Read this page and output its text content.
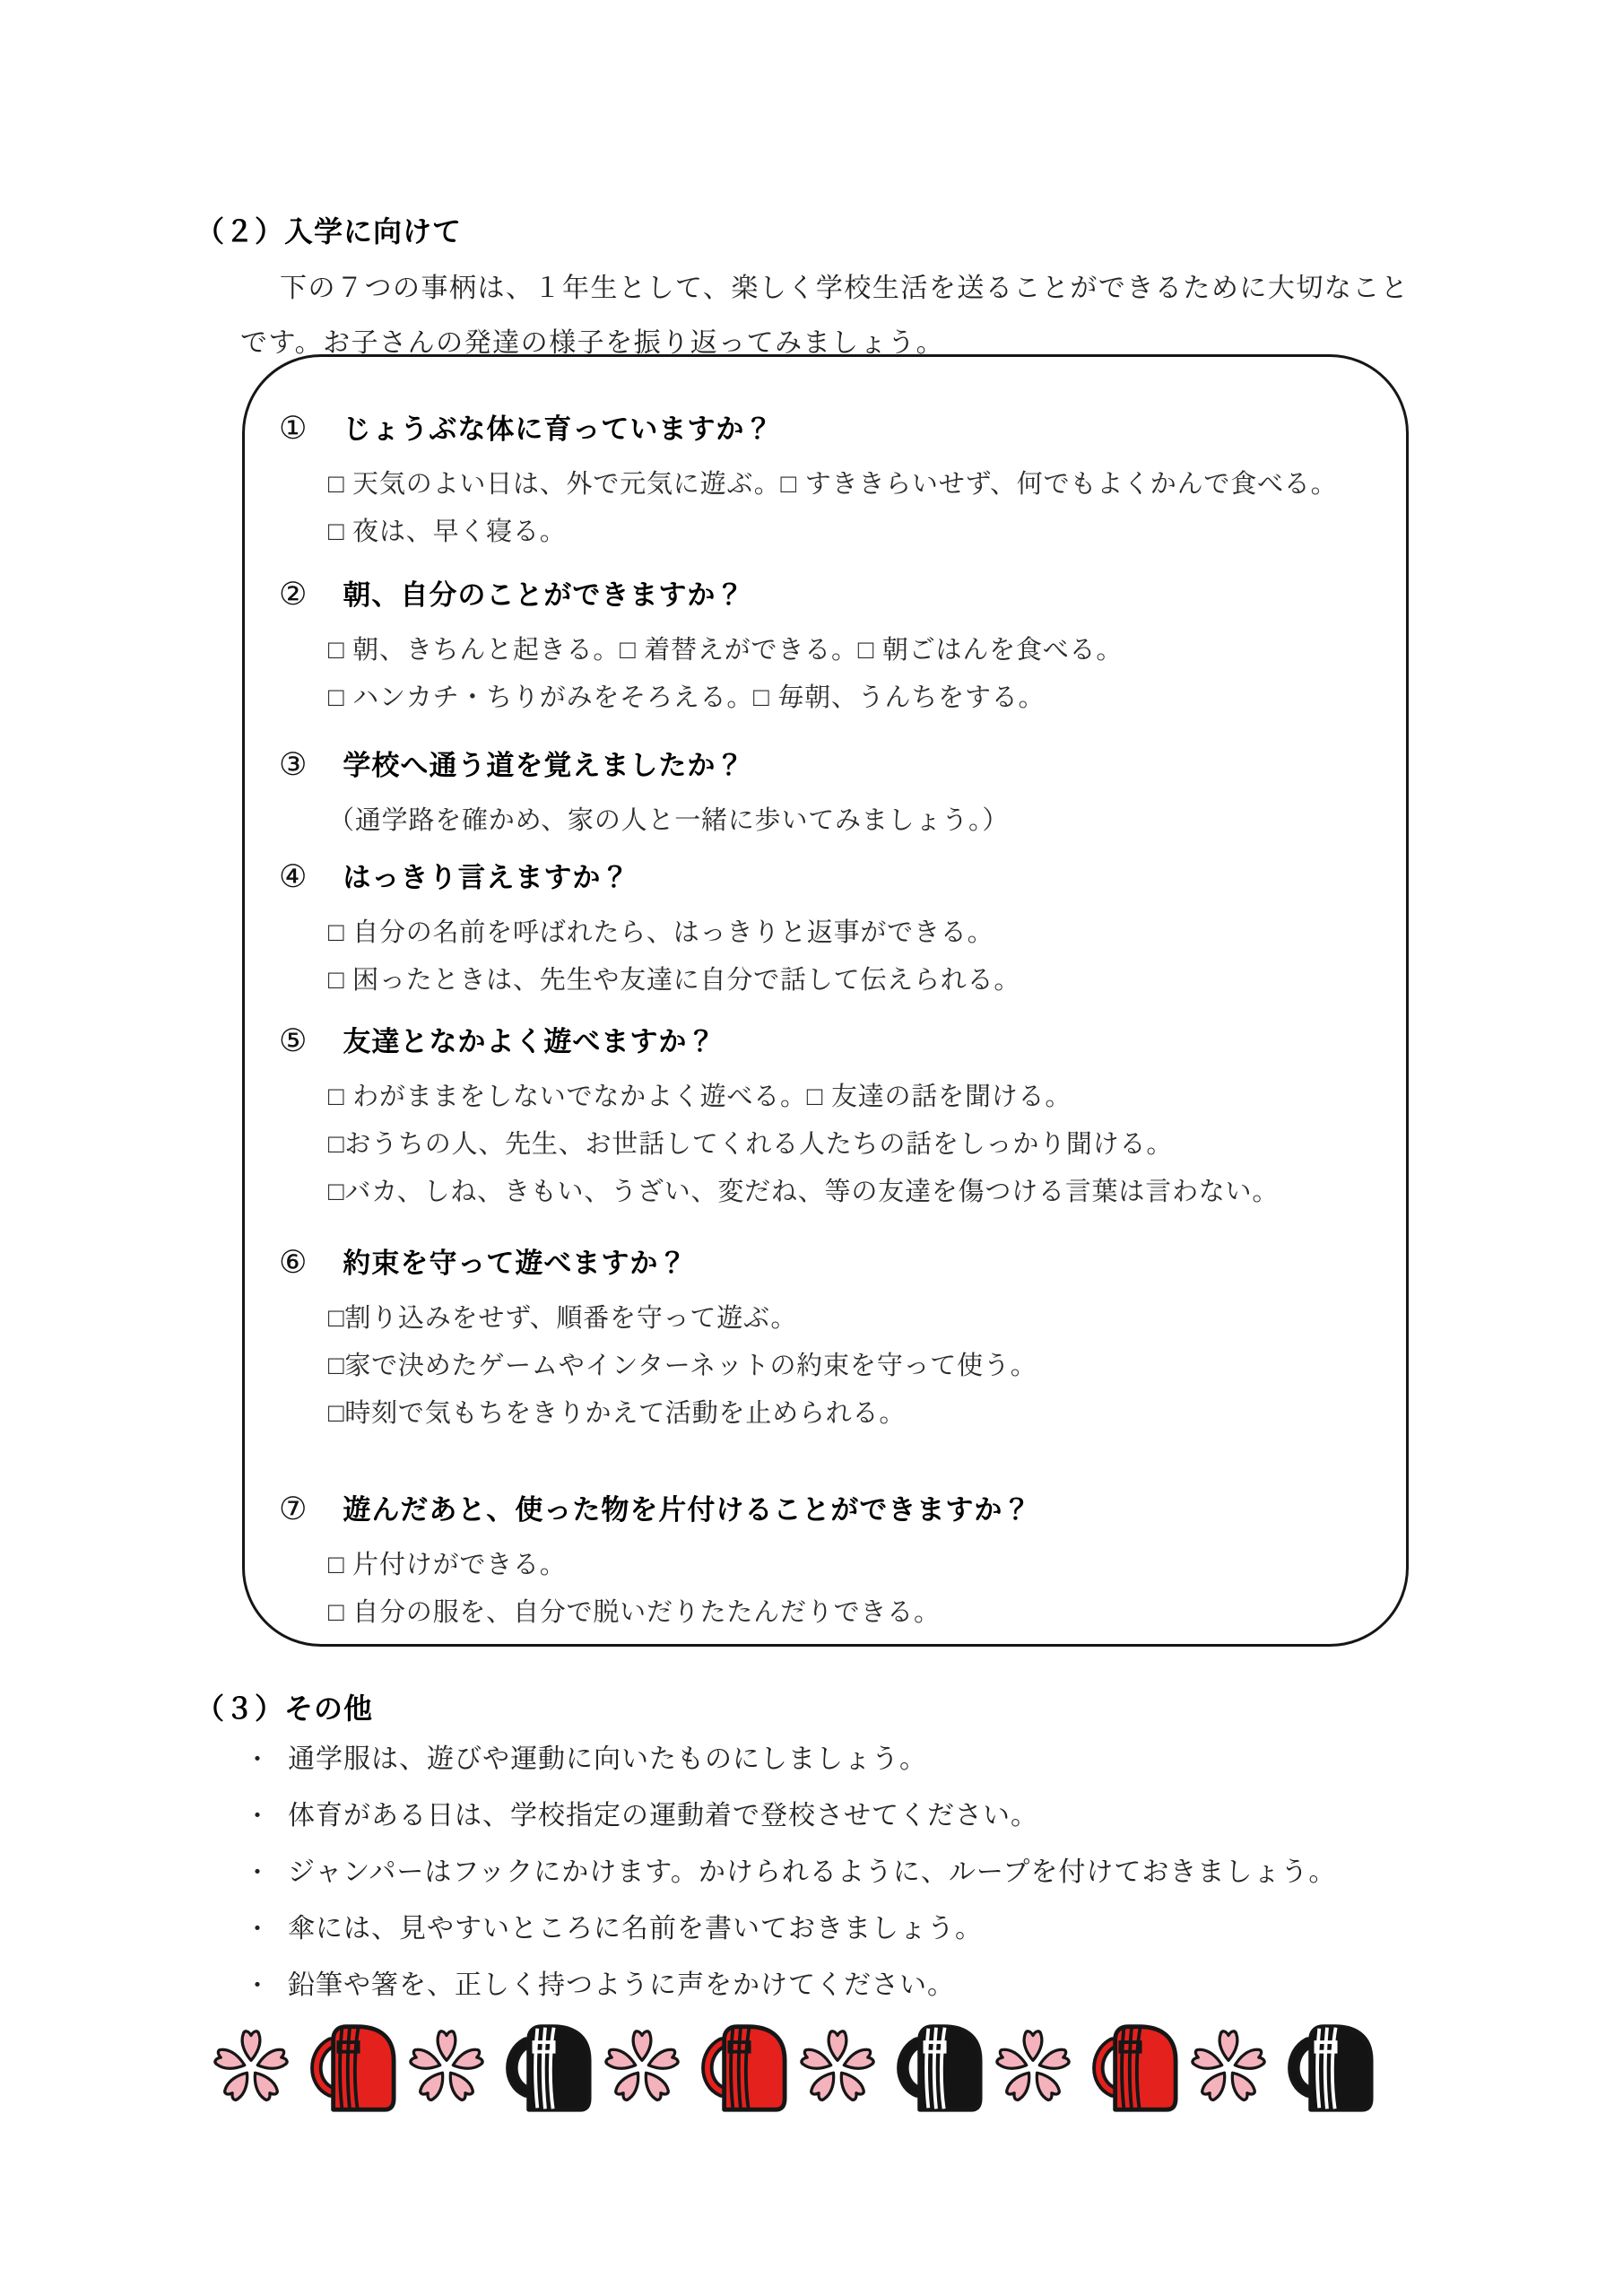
（２）入学に向けて
下の７つの事柄は、１年生として、楽しく学校生活を送ることができるために大切なこと
です。お子さんの発達の様子を振り返ってみましょう。
① じょうぶな体に育っていますか？
□ 天気のよい日は、外で元気に遊ぶ。□ すききらいせず、何でもよくかんで食べる。
□ 夜は、早く寝る。
② 朝、自分のことができますか？
□ 朝、きちんと起きる。□ 着替えができる。□ 朝ごはんを食べる。
□ ハンカチ・ちりがみをそろえる。□ 毎朝、うんちをする。
③ 学校へ通う道を覚えましたか？
（通学路を確かめ、家の人と一緒に歩いてみましょう。）
④ はっきり言えますか？
□ 自分の名前を呼ばれたら、はっきりと返事ができる。
□ 困ったときは、先生や友達に自分で話して伝えられる。
⑤ 友達となかよく遊べますか？
□ わがままをしないでなかよく遊べる。□ 友達の話を聞ける。
□おうちの人、先生、お世話してくれる人たちの話をしっかり聞ける。
□バカ、しね、きもい、うざい、変だね、等の友達を傷つける言葉は言わない。
⑥ 約束を守って遊べますか？
□割り込みをせず、順番を守って遊ぶ。
□家で決めたゲームやインターネットの約束を守って使う。
□時刻で気もちをきりかえて活動を止められる。
⑦ 遊んだあと、使った物を片付けることができますか？
□ 片付けができる。
□ 自分の服を、自分で脱いだりたたんだりできる。
（３）その他
・ 通学服は、遊びや運動に向いたものにしましょう。
・ 体育がある日は、学校指定の運動着で登校させてください。
・ ジャンパーはフックにかけます。かけられるように、ループを付けておきましょう。
・ 傘には、見やすいところに名前を書いておきましょう。
・ 鉛筆や箸を、正しく持つように声をかけてください。
